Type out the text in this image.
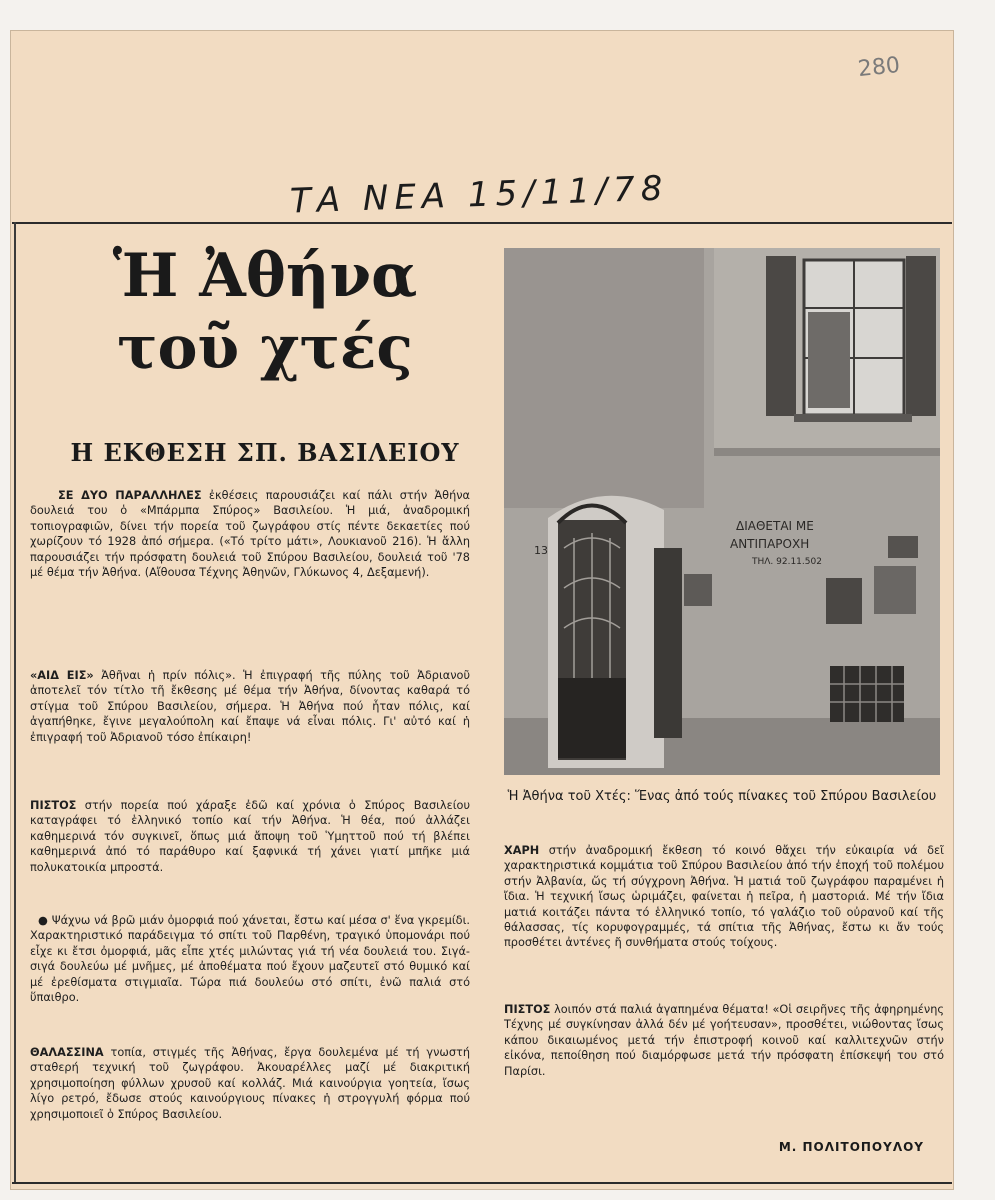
280
ΤΑ ΝΕΑ 15/11/78
Ἡ Ἀθήνα
τοῦ χτές
Η ΕΚΘΕΣΗ ΣΠ. ΒΑΣΙΛΕΙΟΥ

ΣΕ ΔΥΟ ΠΑΡΑΛΛΗΛΕΣ ἐκθέσεις παρουσιάζει καί πάλι στήν Ἀθήνα δουλειά του ὁ «Μπάρμπα Σπύρος» Βασιλείου. Ἡ μιά, ἀναδρομική τοπιογραφιῶν, δίνει τήν πορεία τοῦ ζωγράφου στίς πέντε δεκαετίες πού χωρίζουν τό 1928 ἀπό σήμερα. («Τό τρίτο μάτι», Λουκιανοῦ 216). Ἡ ἄλλη παρουσιάζει τήν πρόσφατη δουλειά τοῦ Σπύρου Βασιλείου, δουλειά τοῦ '78 μέ θέμα τήν Ἀθήνα. (Αἴθουσα Τέχνης Ἀθηνῶν, Γλύκωνος 4, Δεξαμενή).

«ΑΙΔ ΕΙΣ» Ἀθῆναι ἡ πρίν πόλις». Ἡ ἐπιγραφή τῆς πύλης τοῦ Ἀδριανοῦ ἀποτελεῖ τόν τίτλο τῆ ἔκθεσης μέ θέμα τήν Ἀθήνα, δίνοντας καθαρά τό στίγμα τοῦ Σπύρου Βασιλείου, σήμερα. Ἡ Ἀθήνα πού ἦταν πόλις, καί ἀγαπήθηκε, ἔγινε μεγαλούπολη καί ἔπαψε νά εἶναι πόλις. Γι' αὐτό καί ἡ ἐπιγραφή τοῦ Ἀδριανοῦ τόσο ἐπίκαιρη!

ΠΙΣΤΟΣ στήν πορεία πού χάραξε ἐδῶ καί χρόνια ὁ Σπύρος Βασιλείου καταγράφει τό ἑλληνικό τοπίο καί τήν Ἀθήνα. Ἡ θέα, πού ἀλλάζει καθημερινά τόν συγκινεῖ, ὅπως μιά ἄποψη τοῦ Ὑμηττοῦ πού τή βλέπει καθημερινά ἀπό τό παράθυρο καί ξαφνικά τή χάνει γιατί μπῆκε μιά πολυκατοικία μπροστά.

● Ψάχνω νά βρῶ μιάν ὀμορφιά πού χάνεται, ἔστω καί μέσα σ' ἕνα γκρεμίδι. Χαρακτηριστικό παράδειγμα τό σπίτι τοῦ Παρθένη, τραγικό ὑπομονάρι πού εἶχε κι ἔτσι ὀμορφιά, μᾶς εἶπε χτές μιλώντας γιά τή νέα δουλειά του. Σιγά-σιγά δουλεύω μέ μνῆμες, μέ ἀποθέματα πού ἔχουν μαζευτεῖ στό θυμικό καί μέ ἐρεθίσματα στιγμιαῖα. Τώρα πιά δουλεύω στό σπίτι, ἐνῶ παλιά στό ὕπαιθρο.

ΘΑΛΑΣΣΙΝΑ τοπία, στιγμές τῆς Ἀθήνας, ἔργα δουλεμένα μέ τή γνωστή σταθερή τεχνική τοῦ ζωγράφου. Ἀκουαρέλλες μαζί μέ διακριτική χρησιμοποίηση φύλλων χρυσοῦ καί κολλάζ. Μιά καινούργια γοητεία, ἴσως λίγο ρετρό, ἔδωσε στούς καινούργιους πίνακες ἡ στρογγυλή φόρμα πού χρησιμοποιεῖ ὁ Σπύρος Βασιλείου.

13
ΔΙΑΘΕΤΑΙ ΜΕ
ΑΝΤΙΠΑΡΟΧΗ
ΤΗΛ. 92.11.502

Ἡ Ἀθήνα τοῦ Χτές: Ἕνας ἀπό τούς πίνακες τοῦ Σπύρου Βασιλείου

ΧΑΡΗ στήν ἀναδρομική ἔκθεση τό κοινό θἄχει τήν εὐκαιρία νά δεῖ χαρακτηριστικά κομμάτια τοῦ Σπύρου Βασιλείου ἀπό τήν ἐποχή τοῦ πολέμου στήν Ἀλβανία, ὥς τή σύγχρονη Ἀθήνα. Ἡ ματιά τοῦ ζωγράφου παραμένει ἡ ἴδια. Ἡ τεχνική ἴσως ὡριμάζει, φαίνεται ἡ πεῖρα, ἡ μαστοριά. Μέ τήν ἴδια ματιά κοιτάζει πάντα τό ἑλληνικό τοπίο, τό γαλάζιο τοῦ οὐρανοῦ καί τῆς θάλασσας, τίς κορυφογραμμές, τά σπίτια τῆς Ἀθήνας, ἔστω κι ἄν τούς προσθέτει ἀντένες ἤ συνθήματα στούς τοίχους.

ΠΙΣΤΟΣ λοιπόν στά παλιά ἀγαπημένα θέματα! «Οἱ σειρῆνες τῆς ἀφηρημένης Τέχνης μέ συγκίνησαν ἀλλά δέν μέ γοήτευσαν», προσθέτει, νιώθοντας ἴσως κάπου δικαιωμένος μετά τήν ἐπιστροφή κοινοῦ καί καλλιτεχνῶν στήν εἰκόνα, πεποίθηση πού διαμόρφωσε μετά τήν πρόσφατη ἐπίσκεψή του στό Παρίσι.

Μ. ΠΟΛΙΤΟΠΟΥΛΟΥ
